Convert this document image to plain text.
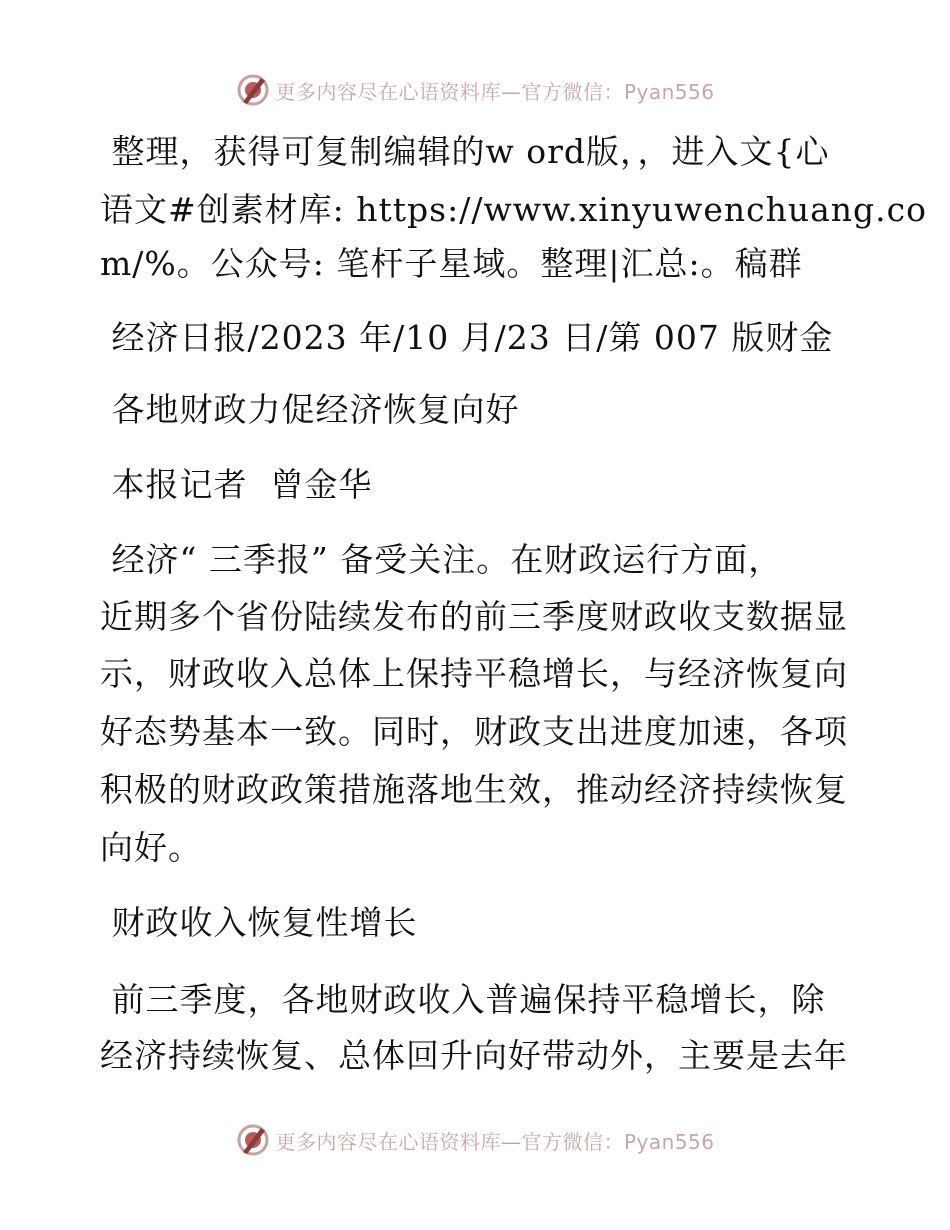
更多内容尽在心语资料库—官方微信：Pyan556
整理，获得可复制编辑的w ord版，，进入文{心
语文#创素材库: https://www.xinyuwenchuang.co
m/%。公众号: 笔杆子星域。整理|汇总:。稿群
经济日报/2023 年/10 月/23 日/第 007 版财金
各地财政力促经济恢复向好
本报记者  曾金华
经济“ 三季报” 备受关注。在财政运行方面，
近期多个省份陆续发布的前三季度财政收支数据显
示，财政收入总体上保持平稳增长，与经济恢复向
好态势基本一致。同时，财政支出进度加速，各项
积极的财政政策措施落地生效，推动经济持续恢复
向好。
财政收入恢复性增长
前三季度，各地财政收入普遍保持平稳增长，除
经济持续恢复、总体回升向好带动外，主要是去年
更多内容尽在心语资料库—官方微信：Pyan556
